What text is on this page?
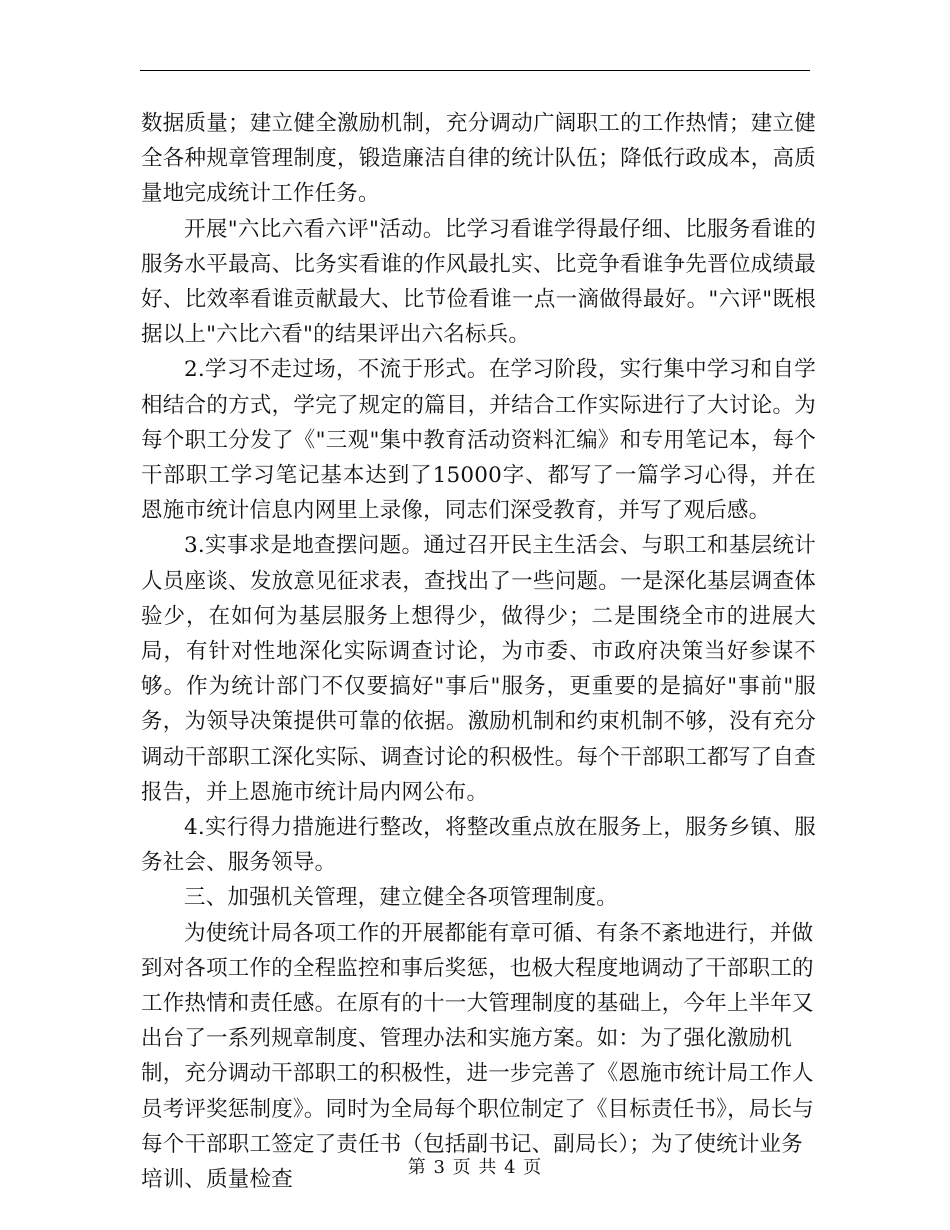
数据质量；建立健全激励机制，充分调动广阔职工的工作热情；建立健全各种规章管理制度，锻造廉洁自律的统计队伍；降低行政成本，高质量地完成统计工作任务。

开展"六比六看六评"活动。比学习看谁学得最仔细、比服务看谁的服务水平最高、比务实看谁的作风最扎实、比竞争看谁争先晋位成绩最好、比效率看谁贡献最大、比节俭看谁一点一滴做得最好。"六评"既根据以上"六比六看"的结果评出六名标兵。

2.学习不走过场，不流于形式。在学习阶段，实行集中学习和自学相结合的方式，学完了规定的篇目，并结合工作实际进行了大讨论。为每个职工分发了《"三观"集中教育活动资料汇编》和专用笔记本，每个干部职工学习笔记基本达到了15000字、都写了一篇学习心得，并在恩施市统计信息内网里上录像，同志们深受教育，并写了观后感。

3.实事求是地查摆问题。通过召开民主生活会、与职工和基层统计人员座谈、发放意见征求表，查找出了一些问题。一是深化基层调查体验少，在如何为基层服务上想得少，做得少；二是围绕全市的进展大局，有针对性地深化实际调查讨论，为市委、市政府决策当好参谋不够。作为统计部门不仅要搞好"事后"服务，更重要的是搞好"事前"服务，为领导决策提供可靠的依据。激励机制和约束机制不够，没有充分调动干部职工深化实际、调查讨论的积极性。每个干部职工都写了自查报告，并上恩施市统计局内网公布。

4.实行得力措施进行整改，将整改重点放在服务上，服务乡镇、服务社会、服务领导。

三、加强机关管理，建立健全各项管理制度。

为使统计局各项工作的开展都能有章可循、有条不紊地进行，并做到对各项工作的全程监控和事后奖惩，也极大程度地调动了干部职工的工作热情和责任感。在原有的十一大管理制度的基础上，今年上半年又出台了一系列规章制度、管理办法和实施方案。如：为了强化激励机制，充分调动干部职工的积极性，进一步完善了《恩施市统计局工作人员考评奖惩制度》。同时为全局每个职位制定了《目标责任书》，局长与每个干部职工签定了责任书（包括副书记、副局长）；为了使统计业务培训、质量检查	第 3 页 共 4 页
